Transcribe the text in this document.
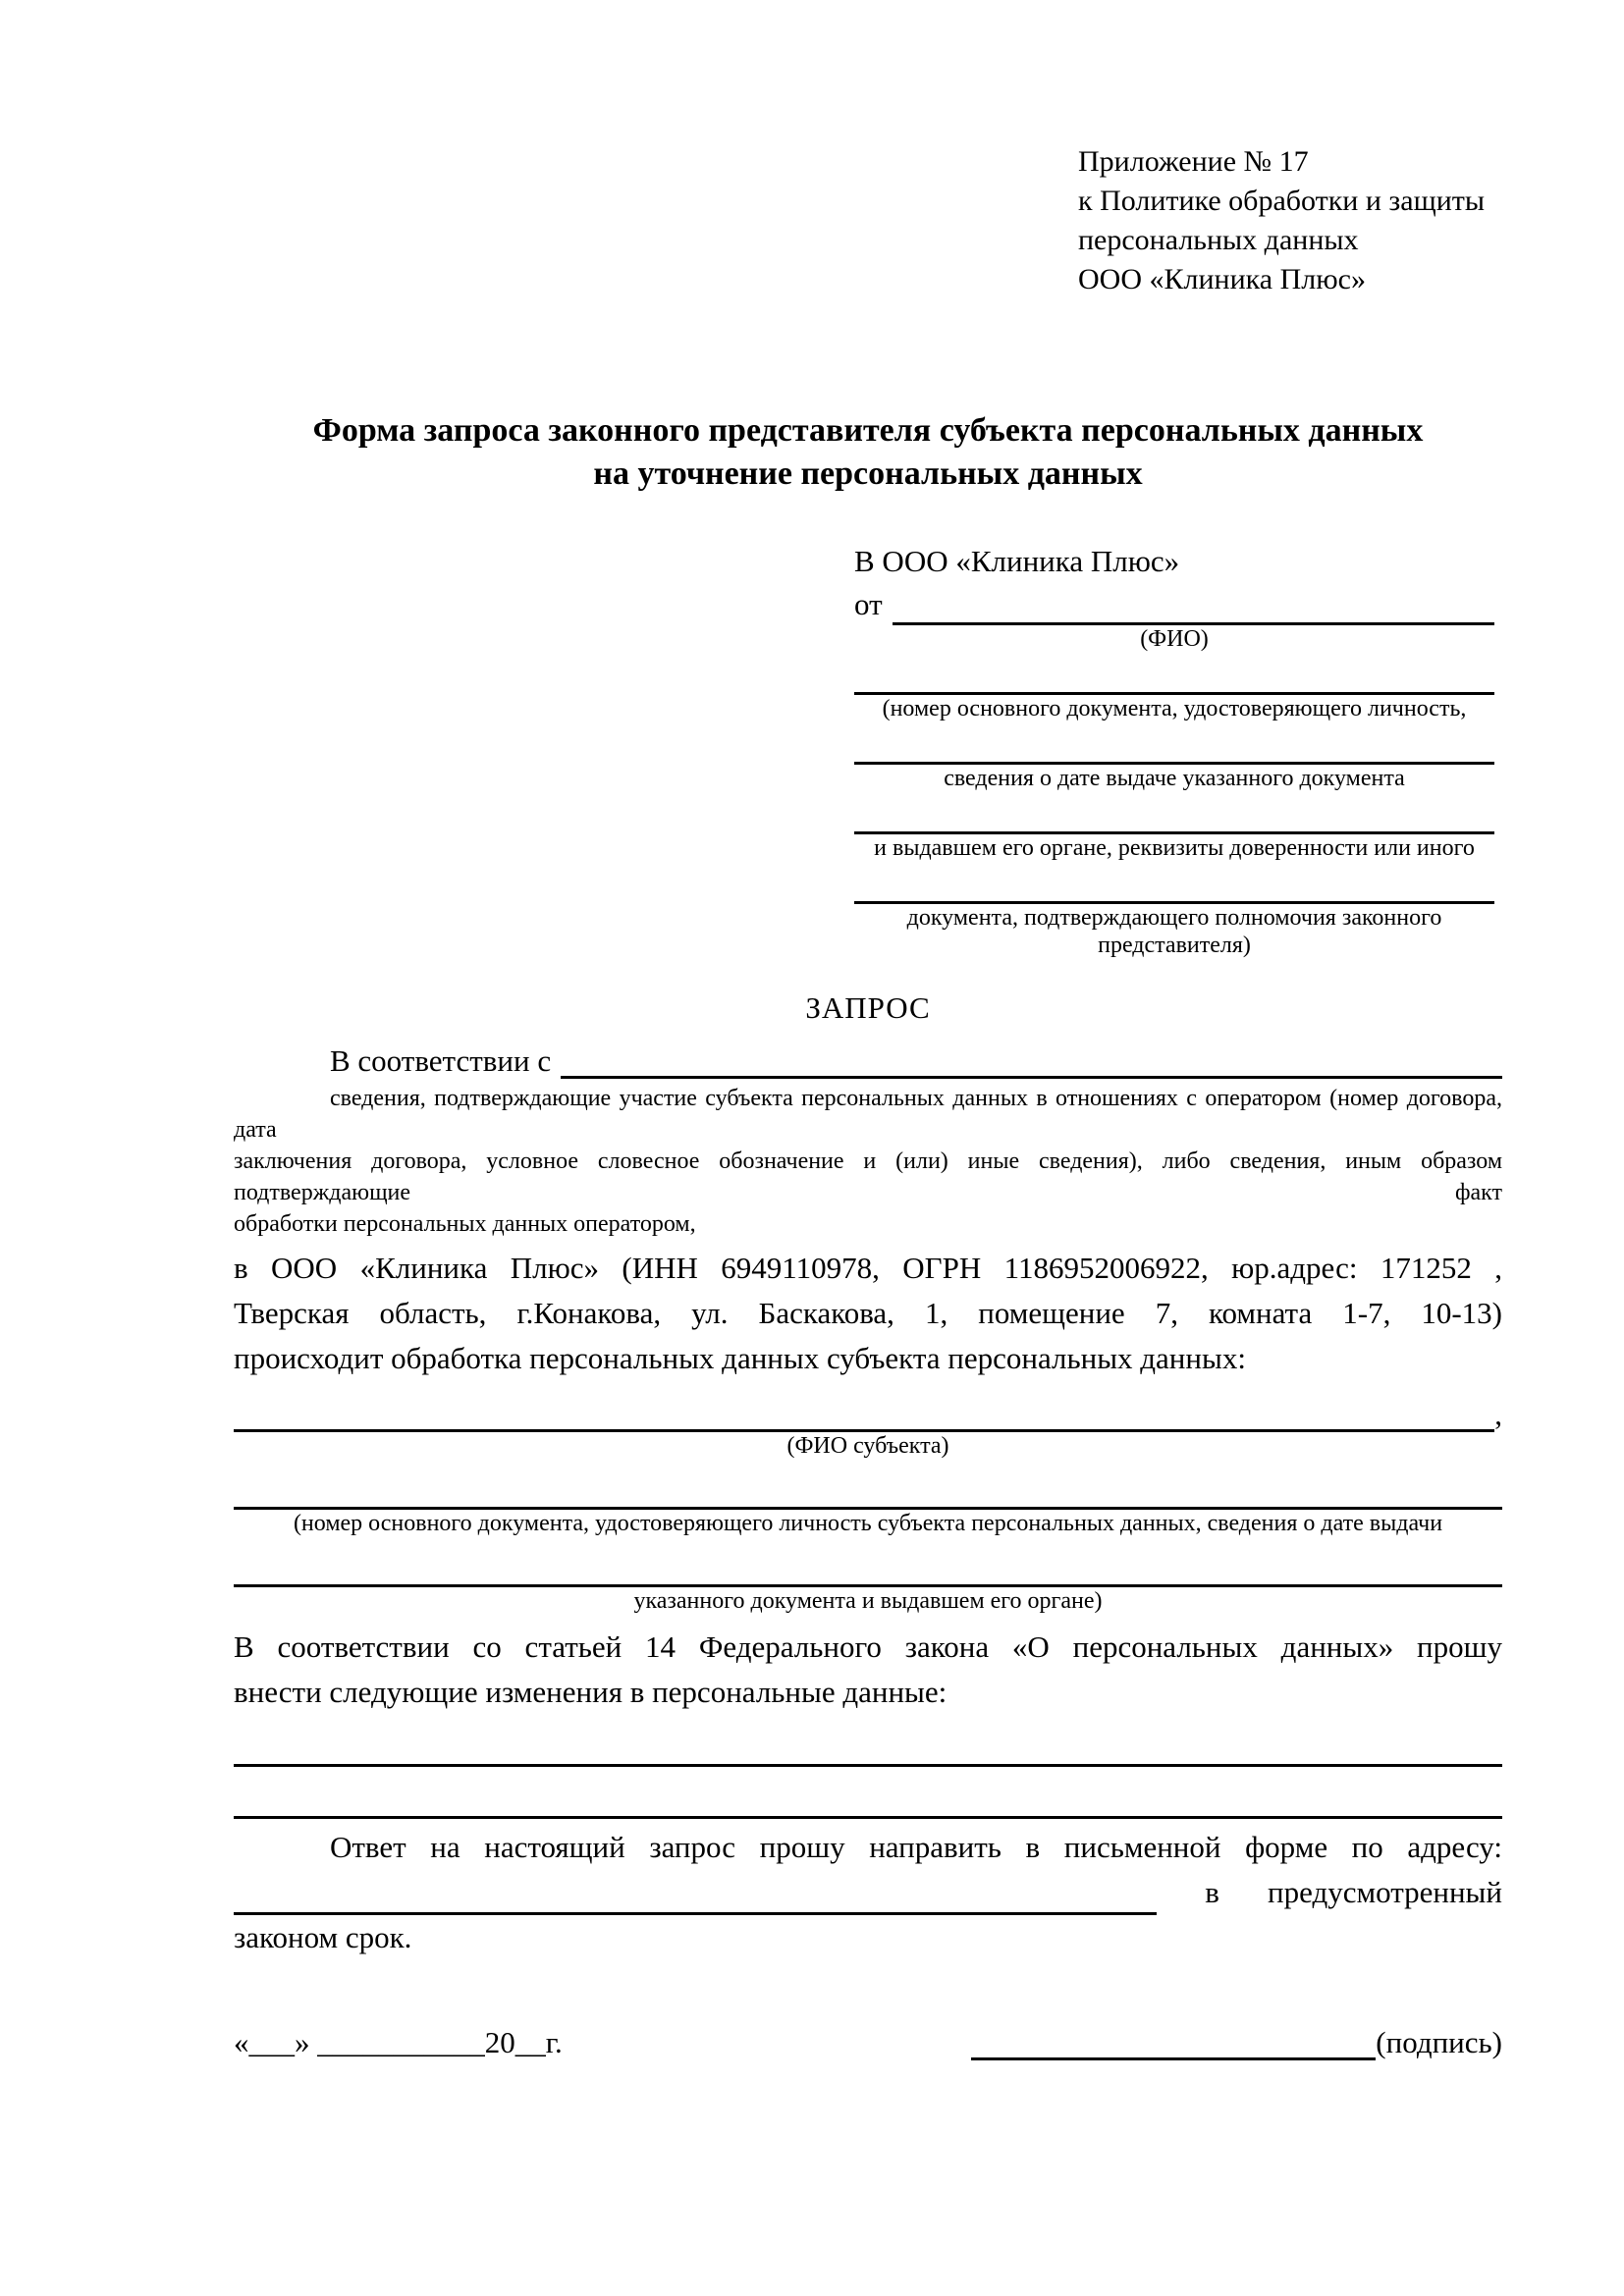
Приложение № 17
к Политике обработки и защиты
персональных данных
ООО «Клиника Плюс»
Форма запроса законного представителя субъекта персональных данных
на уточнение персональных данных
В ООО «Клиника Плюс»
от
(ФИО)
(номер основного документа, удостоверяющего личность,
сведения о дате выдаче указанного документа
и выдавшем его органе, реквизиты доверенности или иного
документа, подтверждающего полномочия законного представителя)
ЗАПРОС
В соответствии с
сведения, подтверждающие участие субъекта персональных данных в отношениях с оператором (номер договора, дата
заключения договора, условное словесное обозначение и (или) иные сведения), либо сведения, иным образом подтверждающие факт
обработки персональных данных оператором,
в ООО «Клиника Плюс» (ИНН 6949110978, ОГРН 1186952006922, юр.адрес: 171252 ,
Тверская область, г.Конакова, ул. Баскакова, 1, помещение 7, комната 1-7, 10-13)
происходит обработка персональных данных субъекта персональных данных:
,
(ФИО субъекта)
(номер основного документа, удостоверяющего личность субъекта персональных данных, сведения о дате выдачи
указанного документа и выдавшем его органе)
В соответствии со статьей 14 Федерального закона «О персональных данных» прошу
внести следующие изменения в персональные данные:
Ответ на настоящий запрос прошу направить в письменной форме по адресу:
в предусмотренный
законом срок.
«___» ___________20__г.	(подпись)
